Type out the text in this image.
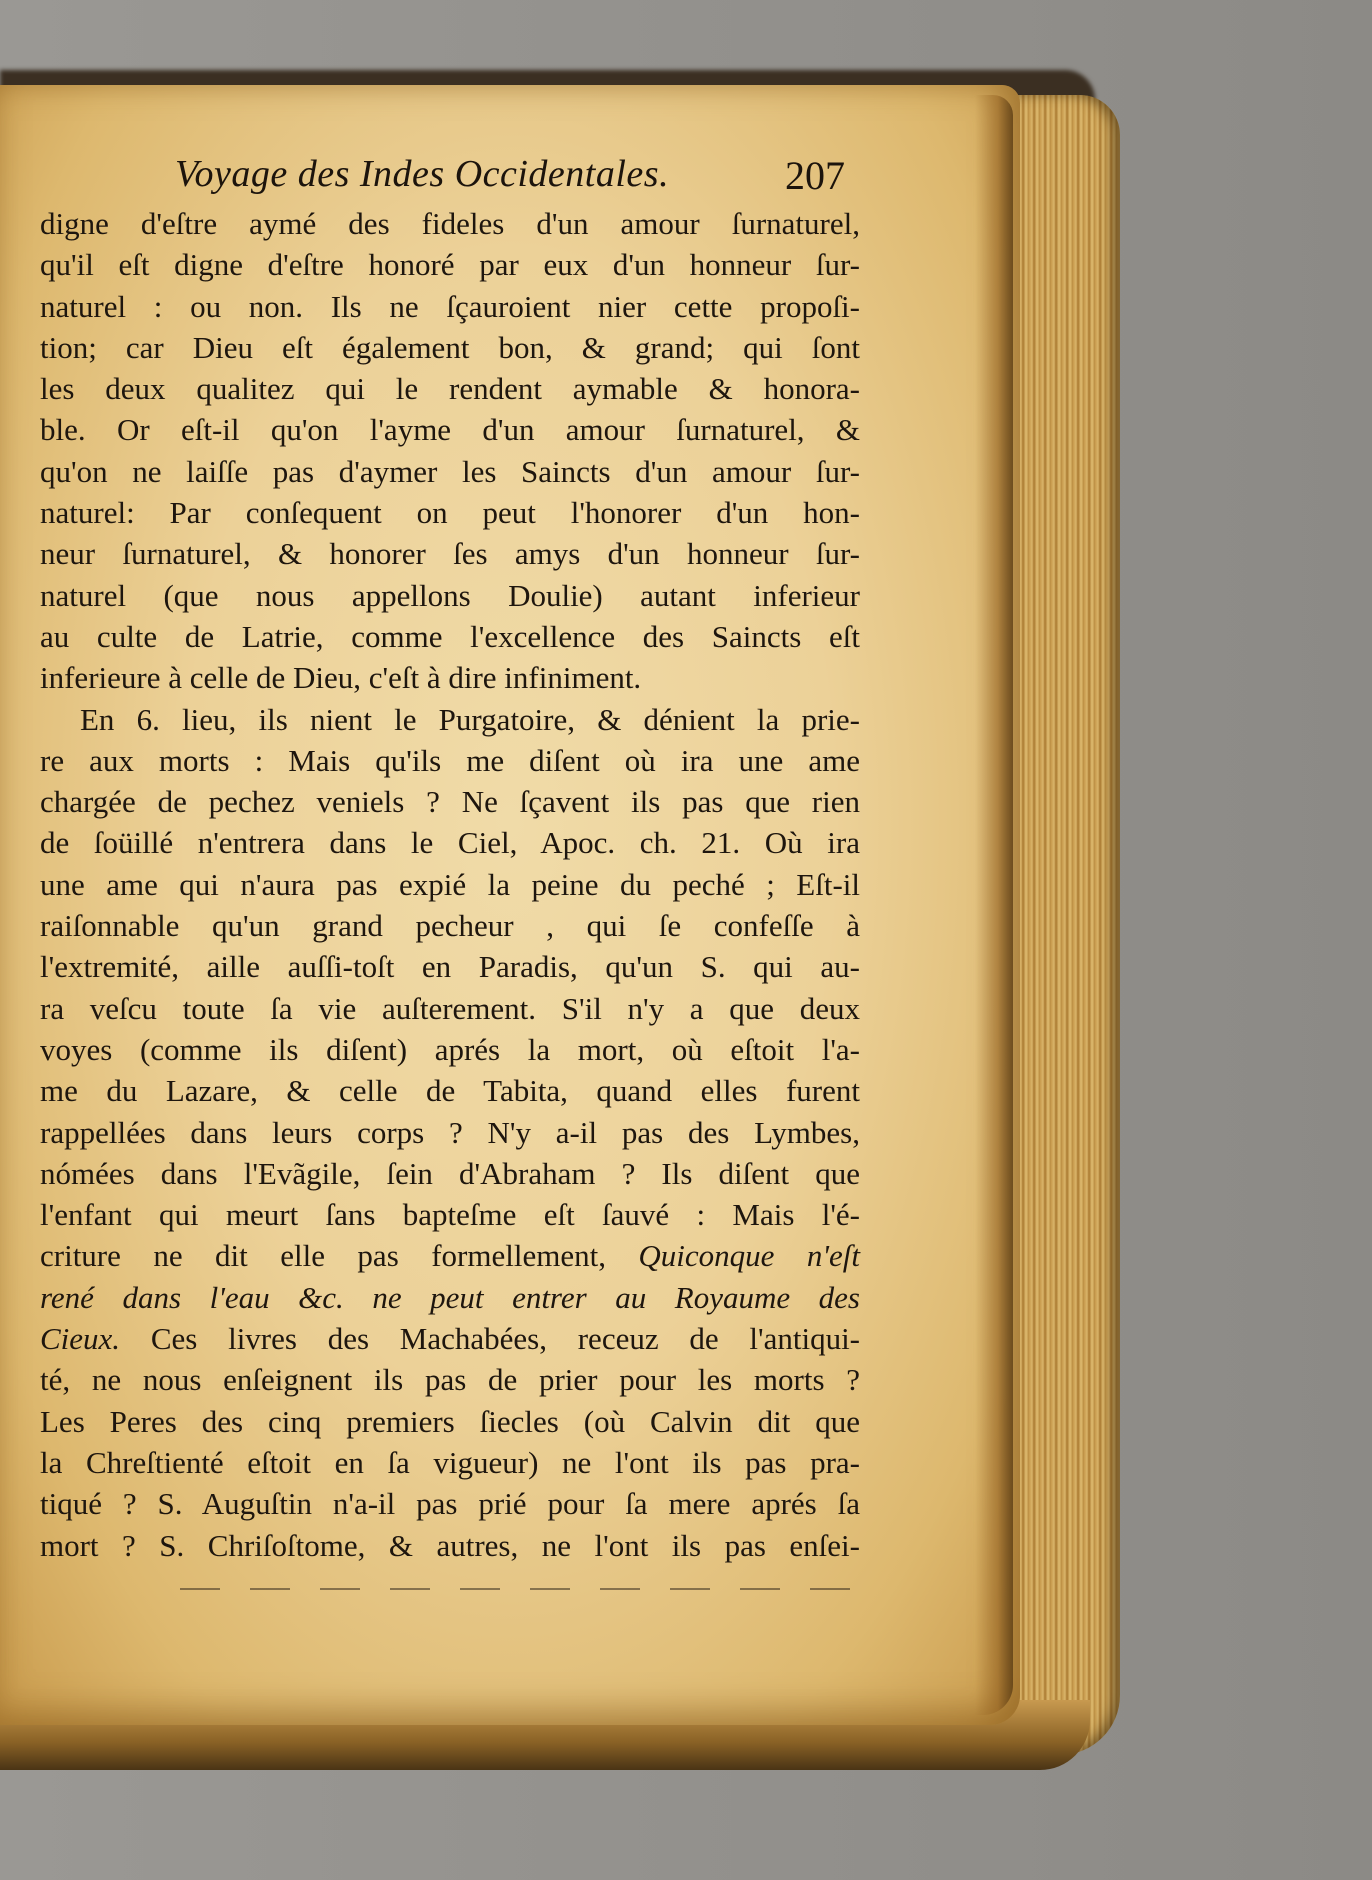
Voyage des Indes Occidentales.	207
digne d'eſtre aymé des fideles d'un amour ſurnaturel,
qu'il eſt digne d'eſtre honoré par eux d'un honneur ſur-
naturel : ou non. Ils ne ſçauroient nier cette propoſi-
tion; car Dieu eſt également bon, & grand; qui ſont
les deux qualitez qui le rendent aymable & honora-
ble. Or eſt-il qu'on l'ayme d'un amour ſurnaturel, &
qu'on ne laiſſe pas d'aymer les Saincts d'un amour ſur-
naturel: Par conſequent on peut l'honorer d'un hon-
neur ſurnaturel, & honorer ſes amys d'un honneur ſur-
naturel (que nous appellons Doulie) autant inferieur
au culte de Latrie, comme l'excellence des Saincts eſt
inferieure à celle de Dieu, c'eſt à dire infiniment.
En 6. lieu, ils nient le Purgatoire, & dénient la prie-
re aux morts : Mais qu'ils me diſent où ira une ame
chargée de pechez veniels ? Ne ſçavent ils pas que rien
de ſoüillé n'entrera dans le Ciel, Apoc. ch. 21. Où ira
une ame qui n'aura pas expié la peine du peché ; Eſt-il
raiſonnable qu'un grand pecheur , qui ſe confeſſe à
l'extremité, aille auſſi-toſt en Paradis, qu'un S. qui au-
ra veſcu toute ſa vie auſterement. S'il n'y a que deux
voyes (comme ils diſent) aprés la mort, où eſtoit l'a-
me du Lazare, & celle de Tabita, quand elles furent
rappellées dans leurs corps ? N'y a-il pas des Lymbes,
nómées dans l'Evãgile, ſein d'Abraham ? Ils diſent que
l'enfant qui meurt ſans bapteſme eſt ſauvé : Mais l'é-
criture ne dit elle pas formellement, Quiconque n'eſt
rené dans l'eau &c. ne peut entrer au Royaume des
Cieux. Ces livres des Machabées, receuz de l'antiqui-
té, ne nous enſeignent ils pas de prier pour les morts ?
Les Peres des cinq premiers ſiecles (où Calvin dit que
la Chreſtienté eſtoit en ſa vigueur) ne l'ont ils pas pra-
tiqué ? S. Auguſtin n'a-il pas prié pour ſa mere aprés ſa
mort ? S. Chriſoſtome, & autres, ne l'ont ils pas enſei-
